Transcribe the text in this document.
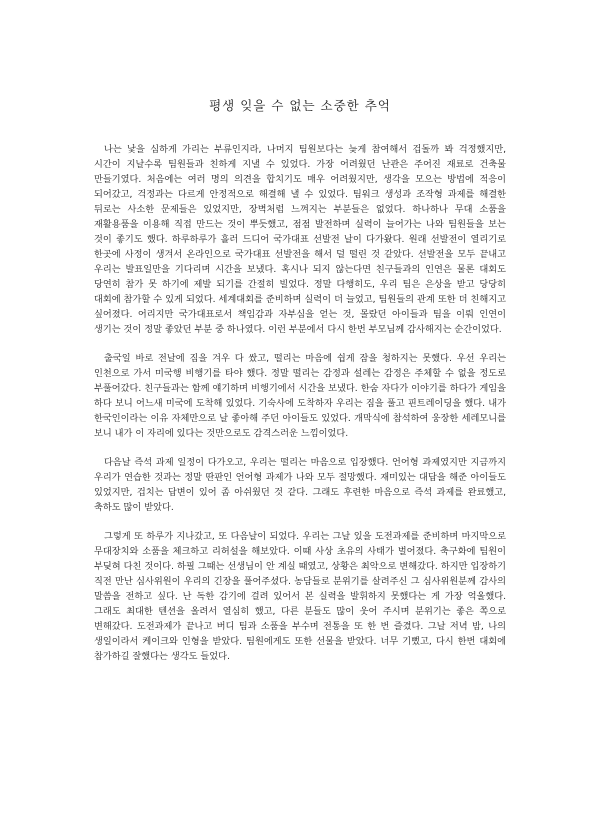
평생 잊을 수 없는 소중한 추억

나는 낯을 심하게 가리는 부류인지라, 나머지 팀원보다는 늦게 참여해서 겁돌까 봐 걱정했지만, 시간이 지날수록 팀원들과 친하게 지낼 수 있었다. 가장 어려웠던 난관은 주어진 재료로 건축물 만들기였다. 처음에는 여러 명의 의견을 합치기도 매우 어려웠지만, 생각을 모으는 방법에 적응이 되어갔고, 걱정과는 다르게 안정적으로 해결해 낼 수 있었다. 팀워크 생성과 조작형 과제를 해결한 뒤로는 사소한 문제들은 있었지만, 장벽처럼 느껴지는 부분들은 없었다. 하나하나 무대 소품을 재활용품을 이용해 직접 만드는 것이 뿌듯했고, 점점 발전하며 실력이 늘어가는 나와 팀원들을 보는 것이 좋기도 했다. 하루하루가 흘러 드디어 국가대표 선발전 날이 다가왔다. 원래 선발전이 열리기로 한곳에 사정이 생겨서 온라인으로 국가대표 선발전을 해서 덜 떨린 것 같았다. 선발전을 모두 끝내고 우리는 발표일만을 기다리며 시간을 보냈다. 혹시나 되지 않는다면 친구들과의 인연은 물론 대회도 당연히 참가 못 하기에 제발 되기를 간절히 빌었다. 정말 다행히도, 우리 팀은 은상을 받고 당당히 대회에 참가할 수 있게 되었다. 세계대회를 준비하며 실력이 더 늘었고, 팀원들의 관계 또한 더 친해지고 싶어졌다. 어리지만 국가대표로서 책임감과 자부심을 얻는 것, 몰랐던 아이들과 팀을 이뤄 인연이 생기는 것이 정말 좋았던 부분 중 하나였다. 이런 부분에서 다시 한번 부모님께 감사해지는 순간이었다.

출국일 바로 전날에 짐을 겨우 다 쌌고, 떨리는 마음에 쉽게 잠을 청하지는 못했다. 우선 우리는 인천으로 가서 미국행 비행기를 타야 했다. 정말 떨리는 감정과 설레는 감정은 주체할 수 없을 정도로 부풀어갔다. 친구들과는 함께 얘기하며 비행기에서 시간을 보냈다. 한숨 자다가 이야기를 하다가 게임을 하다 보니 어느새 미국에 도착해 있었다. 기숙사에 도착하자 우리는 짐을 풀고 핀트레이딩을 했다. 내가 한국인이라는 이유 자체만으로 날 좋아해 주던 아이들도 있었다. 개막식에 참석하여 웅장한 세레모니를 보니 내가 이 자리에 있다는 것만으로도 감격스러운 느낌이었다.

다음날 즉석 과제 일정이 다가오고, 우리는 떨리는 마음으로 입장했다. 언어형 과제였지만 지금까지 우리가 연습한 것과는 정말 딴판인 언어형 과제가 나와 모두 절망했다. 재미있는 대답을 해준 아이들도 있었지만, 겁치는 답변이 있어 좀 아쉬웠던 것 같다. 그래도 후련한 마음으로 즉석 과제를 완료했고, 축하도 많이 받았다.

그렇게 또 하루가 지나갔고, 또 다음날이 되었다. 우리는 그날 있을 도전과제를 준비하며 마지막으로 무대장치와 소품을 체크하고 리허설을 해보았다. 이때 사상 초유의 사태가 벌어졌다. 축구화에 팀원이 부딪혀 다친 것이다. 하필 그때는 선생님이 안 계실 때였고, 상황은 최악으로 변해갔다. 하지만 입장하기 직전 만난 심사위원이 우리의 긴장을 풀어주셨다. 농담들로 분위기를 살려주신 그 심사위원분께 감사의 말씀을 전하고 싶다. 난 독한 감기에 걸려 있어서 본 실력을 발휘하지 못했다는 게 가장 억울했다. 그래도 최대한 텐션을 올려서 열심히 했고, 다른 분들도 많이 웃어 주시며 분위기는 좋은 쪽으로 변해갔다. 도전과제가 끝나고 버디 팀과 소품을 부수며 전통을 또 한 번 즐겼다. 그날 저녁 밤, 나의 생일이라서 케이크와 인형을 받았다. 팀원에게도 또한 선물을 받았다. 너무 기뻤고, 다시 한번 대회에 참가하길 잘했다는 생각도 들었다.
